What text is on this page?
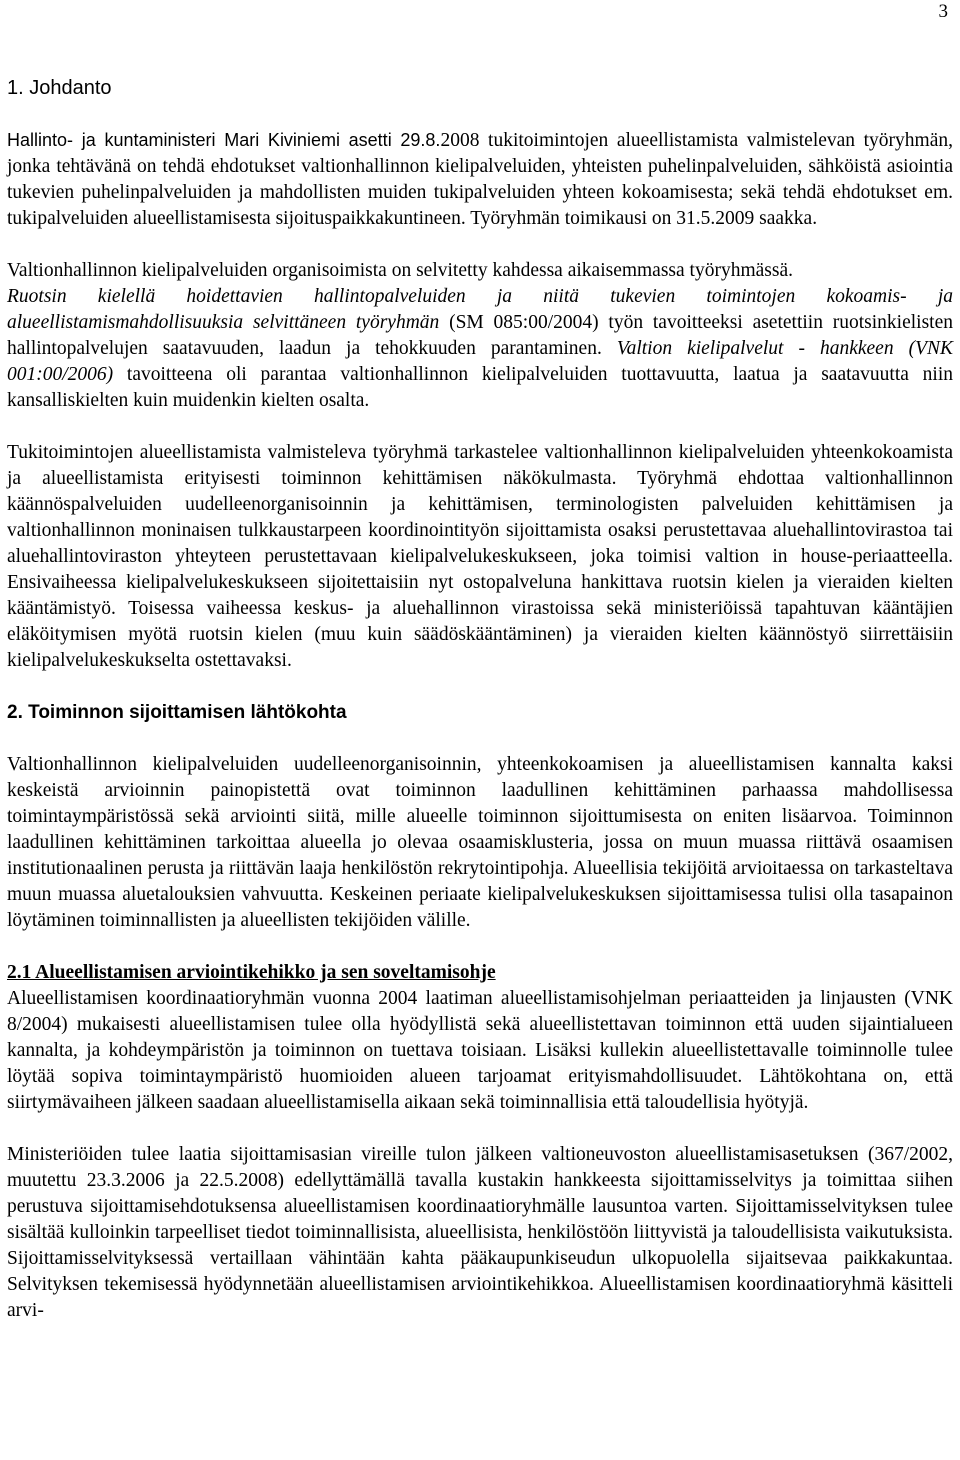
3
1. Johdanto

Hallinto- ja kuntaministeri Mari Kiviniemi asetti 29.8.2008 tukitoimintojen alueellistamista valmistelevan työryhmän, jonka tehtävänä on tehdä ehdotukset valtionhallinnon kielipalveluiden, yhteisten puhelinpalveluiden, sähköistä asiointia tukevien puhelinpalveluiden ja mahdollisten muiden tukipalveluiden yhteen kokoamisesta; sekä tehdä ehdotukset em. tukipalveluiden alueellistamisesta sijoituspaikkakuntineen. Työryhmän toimikausi on 31.5.2009 saakka.

Valtionhallinnon kielipalveluiden organisoimista on selvitetty kahdessa aikaisemmassa työryhmässä.

Ruotsin kielellä hoidettavien hallintopalveluiden ja niitä tukevien toimintojen kokoamis- ja alueellistamismahdollisuuksia selvittäneen työryhmän (SM 085:00/2004) työn tavoitteeksi asetettiin ruotsinkielisten hallintopalvelujen saatavuuden, laadun ja tehokkuuden parantaminen. Valtion kielipalvelut - hankkeen (VNK 001:00/2006) tavoitteena oli parantaa valtionhallinnon kielipalveluiden tuottavuutta, laatua ja saatavuutta niin kansalliskielten kuin muidenkin kielten osalta.

Tukitoimintojen alueellistamista valmisteleva työryhmä tarkastelee valtionhallinnon kielipalveluiden yhteenkokoamista ja alueellistamista erityisesti toiminnon kehittämisen näkökulmasta. Työryhmä ehdottaa valtionhallinnon käännöspalveluiden uudelleenorganisoinnin ja kehittämisen, terminologisten palveluiden kehittämisen ja valtionhallinnon moninaisen tulkkaustarpeen koordinointityön sijoittamista osaksi perustettavaa aluehallintovirastoa tai aluehallintoviraston yhteyteen perustettavaan kielipalvelukeskukseen, joka toimisi valtion in house-periaatteella. Ensivaiheessa kielipalvelukeskukseen sijoitettaisiin nyt ostopalveluna hankittava ruotsin kielen ja vieraiden kielten kääntämistyö. Toisessa vaiheessa keskus- ja aluehallinnon virastoissa sekä ministeriöissä tapahtuvan kääntäjien eläköitymisen myötä ruotsin kielen (muu kuin säädöskääntäminen) ja vieraiden kielten käännöstyö siirrettäisiin kielipalvelukeskukselta ostettavaksi.

2. Toiminnon sijoittamisen lähtökohta

Valtionhallinnon kielipalveluiden uudelleenorganisoinnin, yhteenkokoamisen ja alueellistamisen kannalta kaksi keskeistä arvioinnin painopistettä ovat toiminnon laadullinen kehittäminen parhaassa mahdollisessa toimintaympäristössä sekä arviointi siitä, mille alueelle toiminnon sijoittumisesta on eniten lisäarvoa. Toiminnon laadullinen kehittäminen tarkoittaa alueella jo olevaa osaamisklusteria, jossa on muun muassa riittävä osaamisen institutionaalinen perusta ja riittävän laaja henkilöstön rekrytointipohja. Alueellisia tekijöitä arvioitaessa on tarkasteltava muun muassa aluetalouksien vahvuutta. Keskeinen periaate kielipalvelukeskuksen sijoittamisessa tulisi olla tasapainon löytäminen toiminnallisten ja alueellisten tekijöiden välille.

2.1 Alueellistamisen arviointikehikko ja sen soveltamisohje

Alueellistamisen koordinaatioryhmän vuonna 2004 laatiman alueellistamisohjelman periaatteiden ja linjausten (VNK 8/2004) mukaisesti alueellistamisen tulee olla hyödyllistä sekä alueellistettavan toiminnon että uuden sijaintialueen kannalta, ja kohdeympäristön ja toiminnon on tuettava toisiaan. Lisäksi kullekin alueellistettavalle toiminnolle tulee löytää sopiva toimintaympäristö huomioiden alueen tarjoamat erityismahdollisuudet. Lähtökohtana on, että siirtymävaiheen jälkeen saadaan alueellistamisella aikaan sekä toiminnallisia että taloudellisia hyötyjä.

Ministeriöiden tulee laatia sijoittamisasian vireille tulon jälkeen valtioneuvoston alueellistamisasetuksen (367/2002, muutettu 23.3.2006 ja 22.5.2008) edellyttämällä tavalla kustakin hankkeesta sijoittamisselvitys ja toimittaa siihen perustuva sijoittamisehdotuksensa alueellistamisen koordinaatioryhmälle lausuntoa varten. Sijoittamisselvityksen tulee sisältää kulloinkin tarpeelliset tiedot toiminnallisista, alueellisista, henkilöstöön liittyvistä ja taloudellisista vaikutuksista. Sijoittamisselvityksessä vertaillaan vähintään kahta pääkaupunkiseudun ulkopuolella sijaitsevaa paikkakuntaa. Selvityksen tekemisessä hyödynnetään alueellistamisen arviointikehikkoa. Alueellistamisen koordinaatioryhmä käsitteli arvi-
